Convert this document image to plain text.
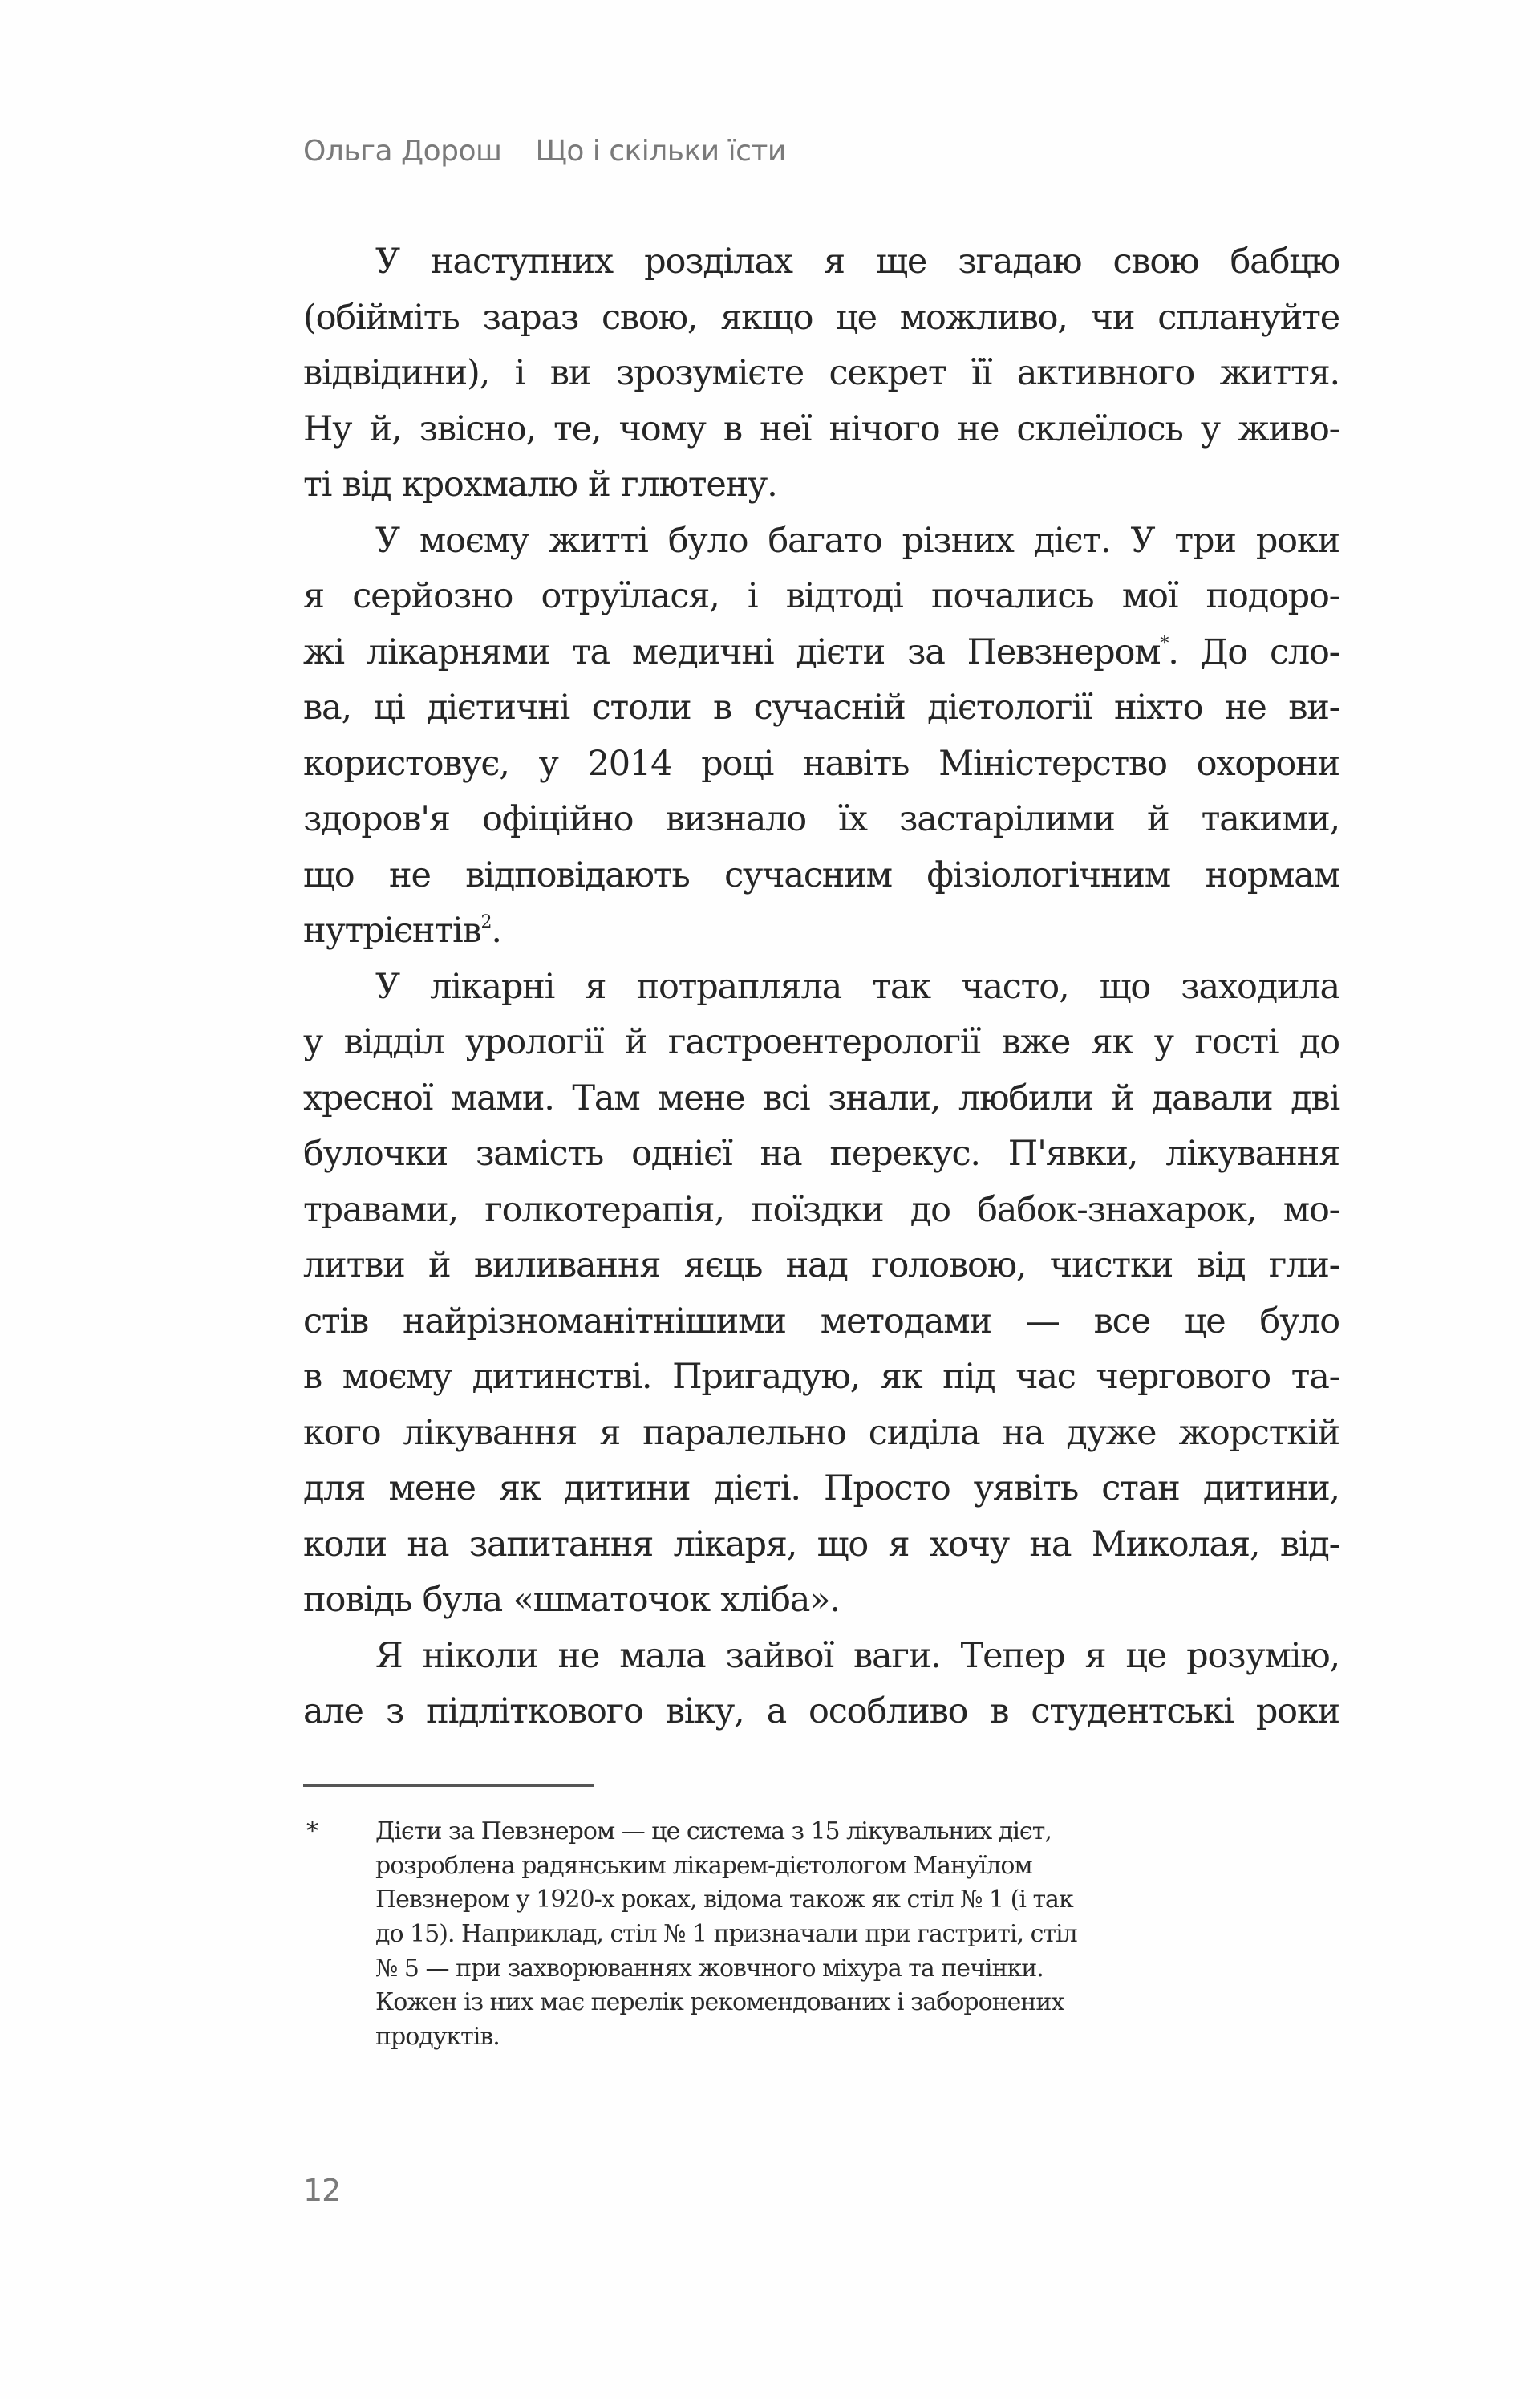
Ольга Дорош Що і скільки їсти
У наступних розділах я ще згадаю свою бабцю
(обійміть зараз свою, якщо це можливо, чи сплануйте
відвідини), і ви зрозумієте секрет її активного життя.
Ну й, звісно, те, чому в неї нічого не склеїлось у живо-
ті від крохмалю й глютену.
У моєму житті було багато різних дієт. У три роки
я серйозно отруїлася, і відтоді почались мої подоро-
жі лікарнями та медичні дієти за Певзнером*. До сло-
ва, ці дієтичні столи в сучасній дієтології ніхто не ви-
користовує, у 2014 році навіть Міністерство охорони
здоров'я офіційно визнало їх застарілими й такими,
що не відповідають сучасним фізіологічним нормам
нутрієнтів$^2$.
У лікарні я потрапляла так часто, що заходила
у відділ урології й гастроентерології вже як у гості до
хресної мами. Там мене всі знали, любили й давали дві
булочки замість однієї на перекус. П'явки, лікування
травами, голкотерапія, поїздки до бабок-знахарок, мо-
литви й виливання яєць над головою, чистки від гли-
стів найрізноманітнішими методами — все це було
в моєму дитинстві. Пригадую, як під час чергового та-
кого лікування я паралельно сиділа на дуже жорсткій
для мене як дитини дієті. Просто уявіть стан дитини,
коли на запитання лікаря, що я хочу на Миколая, від-
повідь була «шматочок хліба».
Я ніколи не мала зайвої ваги. Тепер я це розумію,
але з підліткового віку, а особливо в студентські роки
* Дієти за Певзнером — це система з 15 лікувальних дієт,
розроблена радянським лікарем-дієтологом Мануїлом
Певзнером у 1920-х роках, відома також як стіл № 1 (і так
до 15). Наприклад, стіл № 1 призначали при гастриті, стіл
№ 5 — при захворюваннях жовчного міхура та печінки.
Кожен із них має перелік рекомендованих і заборонених
продуктів.
12
